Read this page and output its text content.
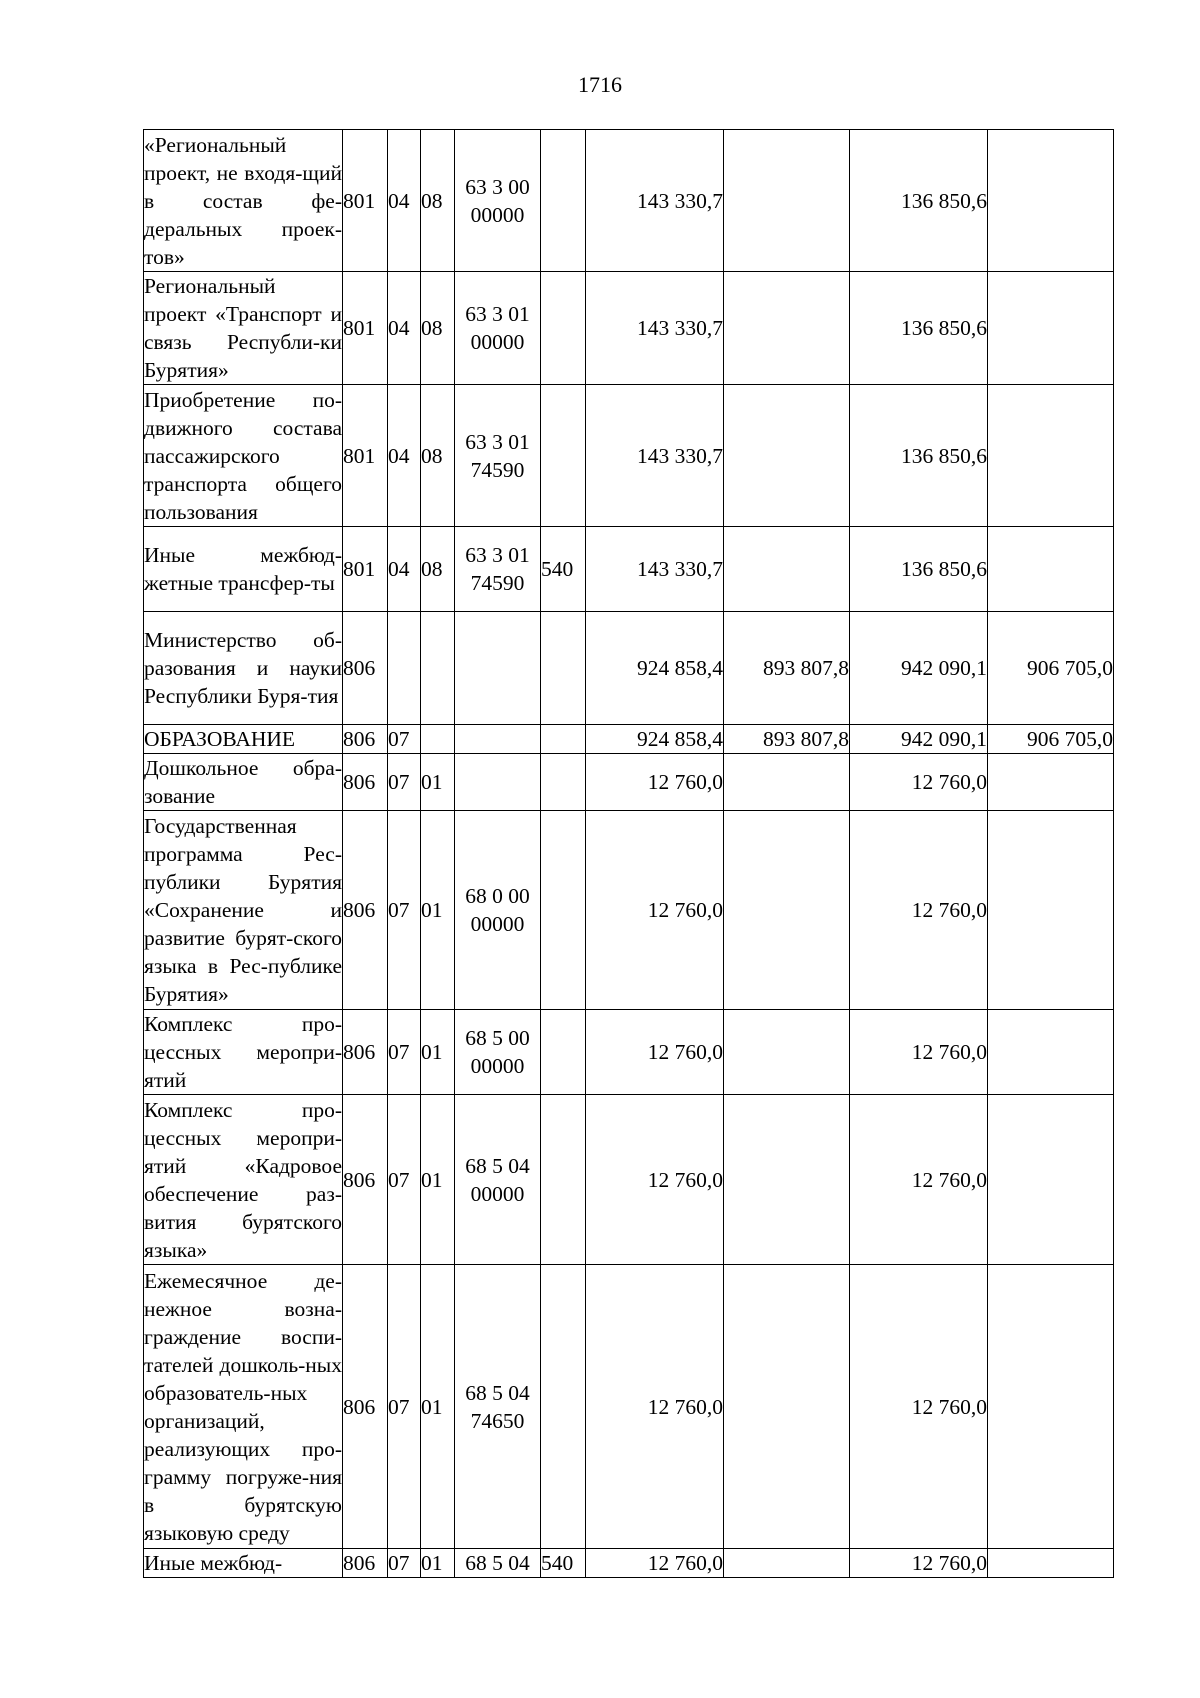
1716
«Региональный проект, не входя-щий в состав фе-деральных проек-тов»	801	04	08	63 3 00 00000		143 330,7		136 850,6	
Региональный проект «Транспорт и связь Республи-ки Бурятия»	801	04	08	63 3 01 00000		143 330,7		136 850,6	
Приобретение по-движного состава пассажирского транспорта общего пользования	801	04	08	63 3 01 74590		143 330,7		136 850,6	
Иные межбюд-жетные трансфер-ты	801	04	08	63 3 01 74590	540	143 330,7		136 850,6	
Министерство об-разования и науки Республики Буря-тия	806					924 858,4	893 807,8	942 090,1	906 705,0
ОБРАЗОВАНИЕ	806	07				924 858,4	893 807,8	942 090,1	906 705,0
Дошкольное обра-зование	806	07	01			12 760,0		12 760,0	
Государственная программа Рес-публики Бурятия «Сохранение и развитие бурят-ского языка в Рес-публике Бурятия»	806	07	01	68 0 00 00000		12 760,0		12 760,0	
Комплекс про-цессных меропри-ятий	806	07	01	68 5 00 00000		12 760,0		12 760,0	
Комплекс про-цессных меропри-ятий «Кадровое обеспечение раз-вития бурятского языка»	806	07	01	68 5 04 00000		12 760,0		12 760,0	
Ежемесячное де-нежное возна-граждение воспи-тателей дошколь-ных образователь-ных организаций, реализующих про-грамму погруже-ния в бурятскую языковую среду	806	07	01	68 5 04 74650		12 760,0		12 760,0	
Иные межбюд-	806	07	01	68 5 04	540	12 760,0		12 760,0	
